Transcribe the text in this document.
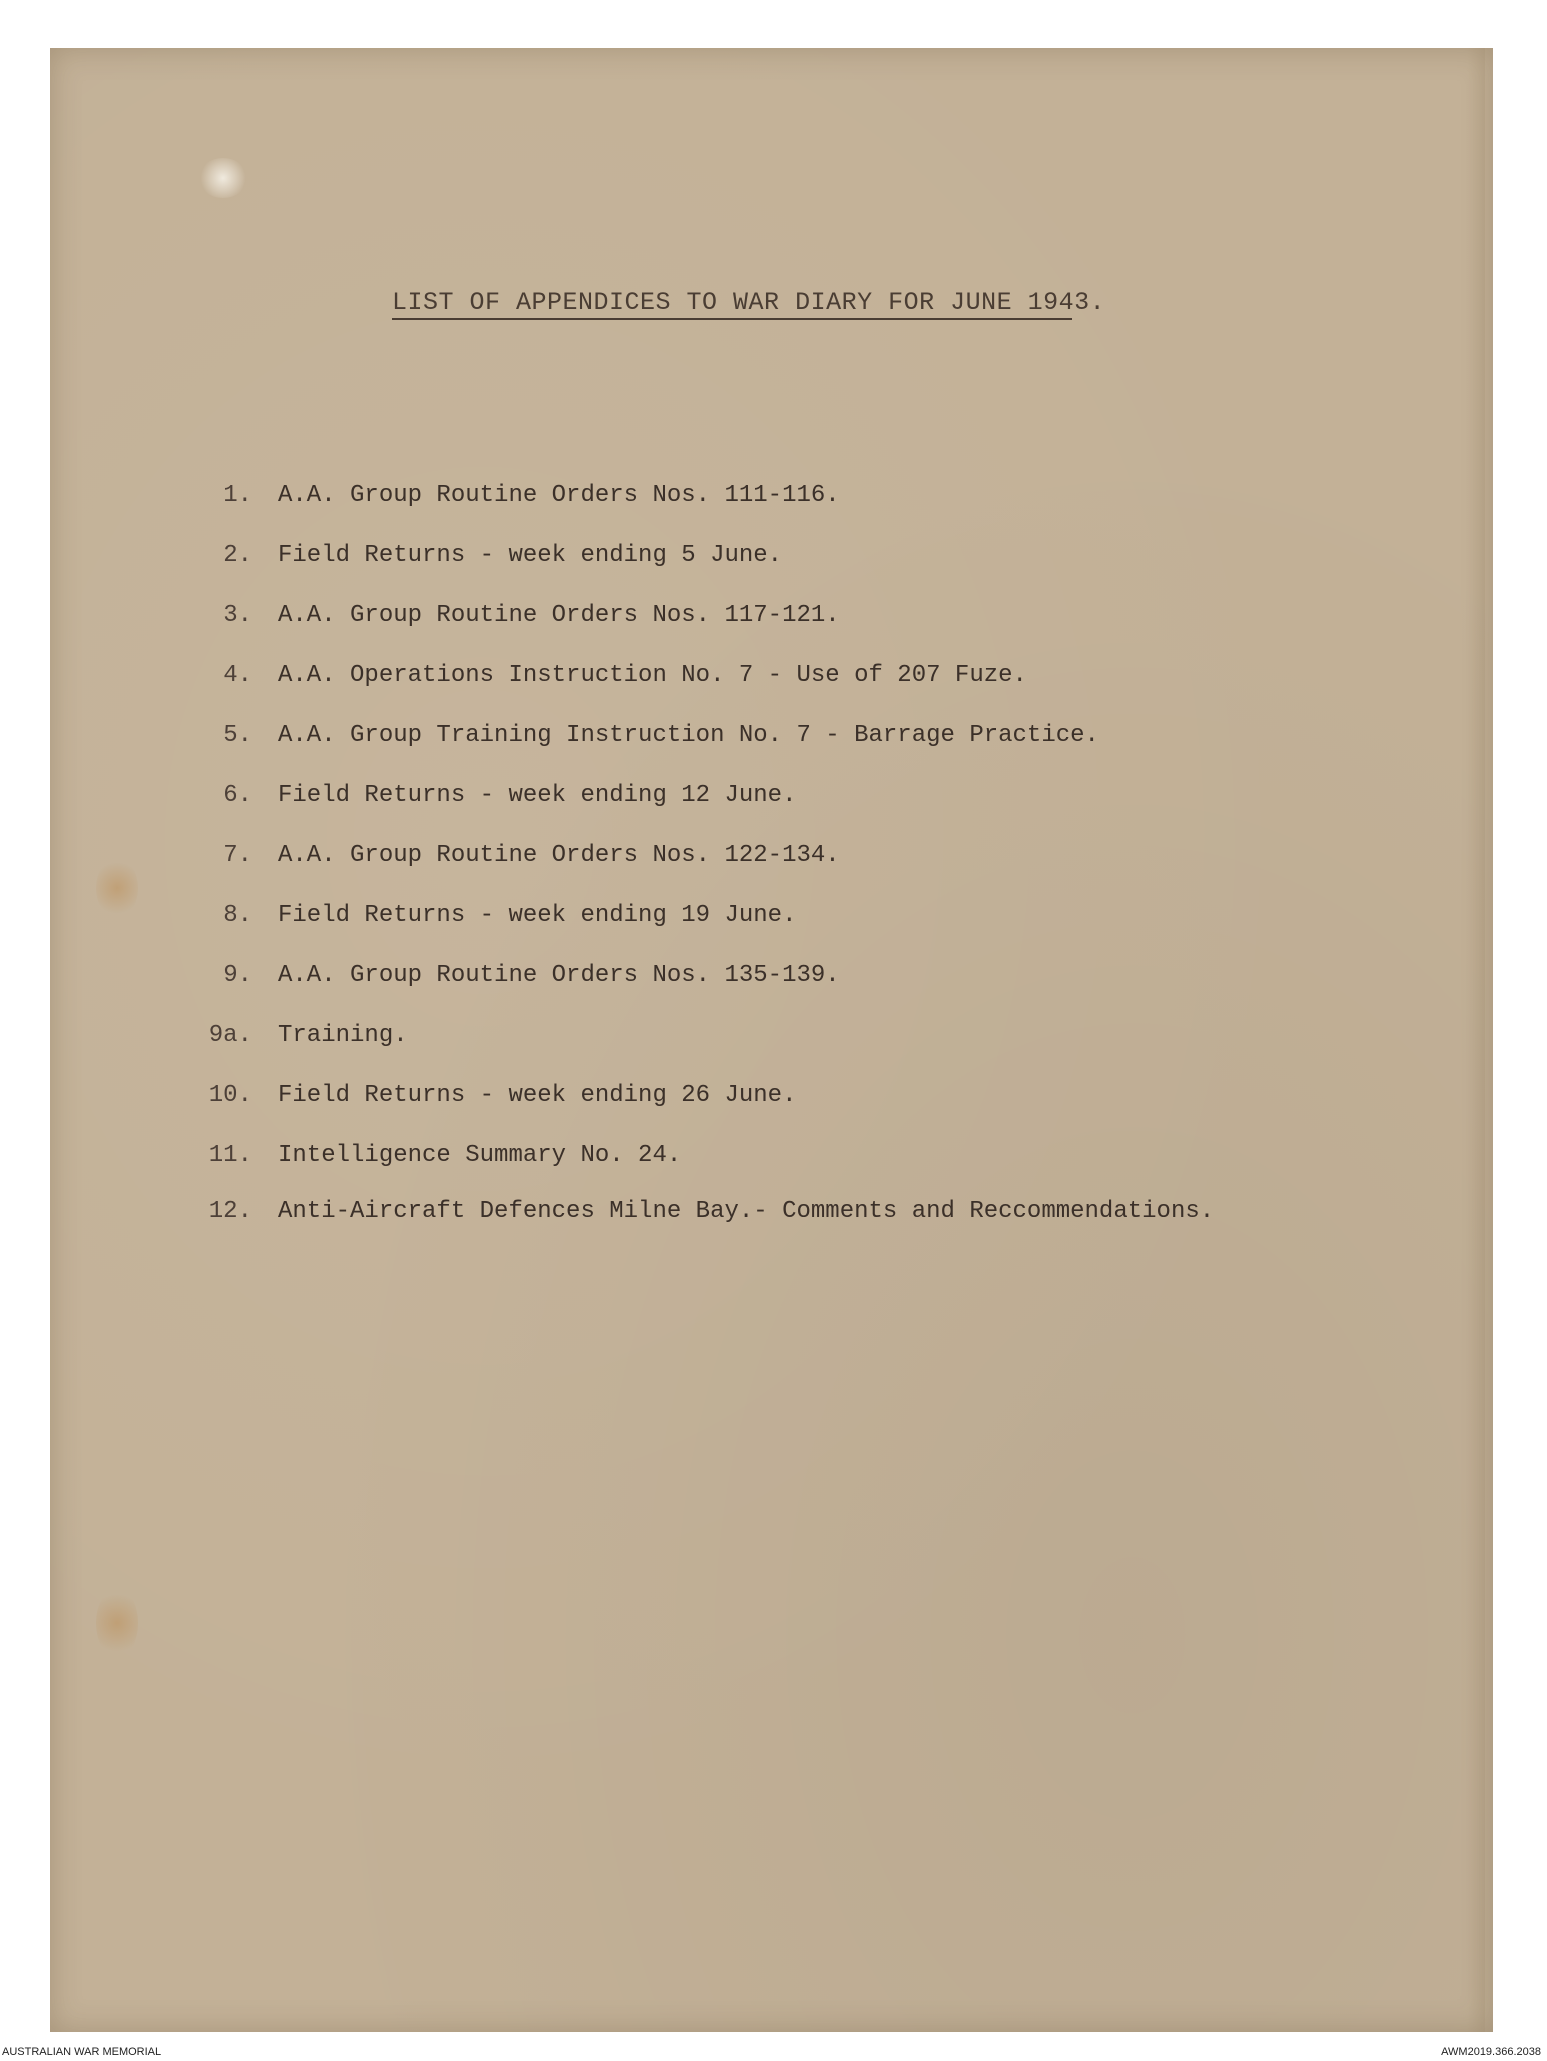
LIST OF APPENDICES TO WAR DIARY FOR JUNE 1943.
1. A.A. Group Routine Orders Nos. 111-116.
2. Field Returns - week ending 5 June.
3. A.A. Group Routine Orders Nos. 117-121.
4. A.A. Operations Instruction No. 7 - Use of 207 Fuze.
5. A.A. Group Training Instruction No. 7 - Barrage Practice.
6. Field Returns - week ending 12 June.
7. A.A. Group Routine Orders Nos. 122-134.
8. Field Returns - week ending 19 June.
9. A.A. Group Routine Orders Nos. 135-139.
9a. Training.
10. Field Returns - week ending 26 June.
11. Intelligence Summary No. 24.
12. Anti-Aircraft Defences Milne Bay.- Comments and Reccommendations.
AUSTRALIAN WAR MEMORIAL	AWM2019.366.2038
